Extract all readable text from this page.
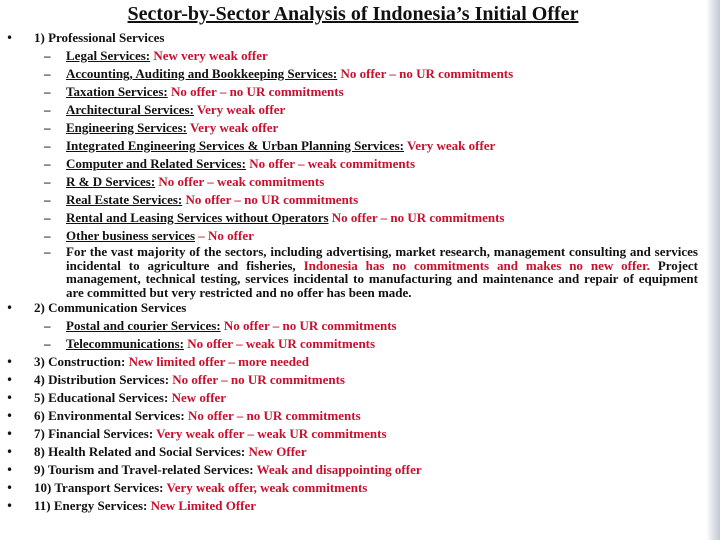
Sector-by-Sector Analysis of Indonesia’s Initial Offer
• 1) Professional Services
– Legal Services: New very weak offer
– Accounting, Auditing and Bookkeeping Services: No offer – no UR commitments
– Taxation Services: No offer – no UR commitments
– Architectural Services: Very weak offer
– Engineering Services: Very weak offer
– Integrated Engineering Services & Urban Planning Services: Very weak offer
– Computer and Related Services: No offer – weak commitments
– R & D Services: No offer – weak commitments
– Real Estate Services: No offer – no UR commitments
– Rental and Leasing Services without Operators No offer – no UR commitments
– Other business services – No offer
– For the vast majority of the sectors, including advertising, market research, management consulting and services incidental to agriculture and fisheries, Indonesia has no commitments and makes no new offer. Project management, technical testing, services incidental to manufacturing and maintenance and repair of equipment are committed but very restricted and no offer has been made.
• 2) Communication Services
– Postal and courier Services: No offer – no UR commitments
– Telecommunications: No offer – weak UR commitments
• 3) Construction: New limited offer – more needed
• 4) Distribution Services: No offer – no UR commitments
• 5) Educational Services: New offer
• 6) Environmental Services: No offer – no UR commitments
• 7) Financial Services: Very weak offer – weak UR commitments
• 8) Health Related and Social Services: New Offer
• 9) Tourism and Travel-related Services: Weak and disappointing offer
• 10) Transport Services: Very weak offer, weak commitments
• 11) Energy Services: New Limited Offer
